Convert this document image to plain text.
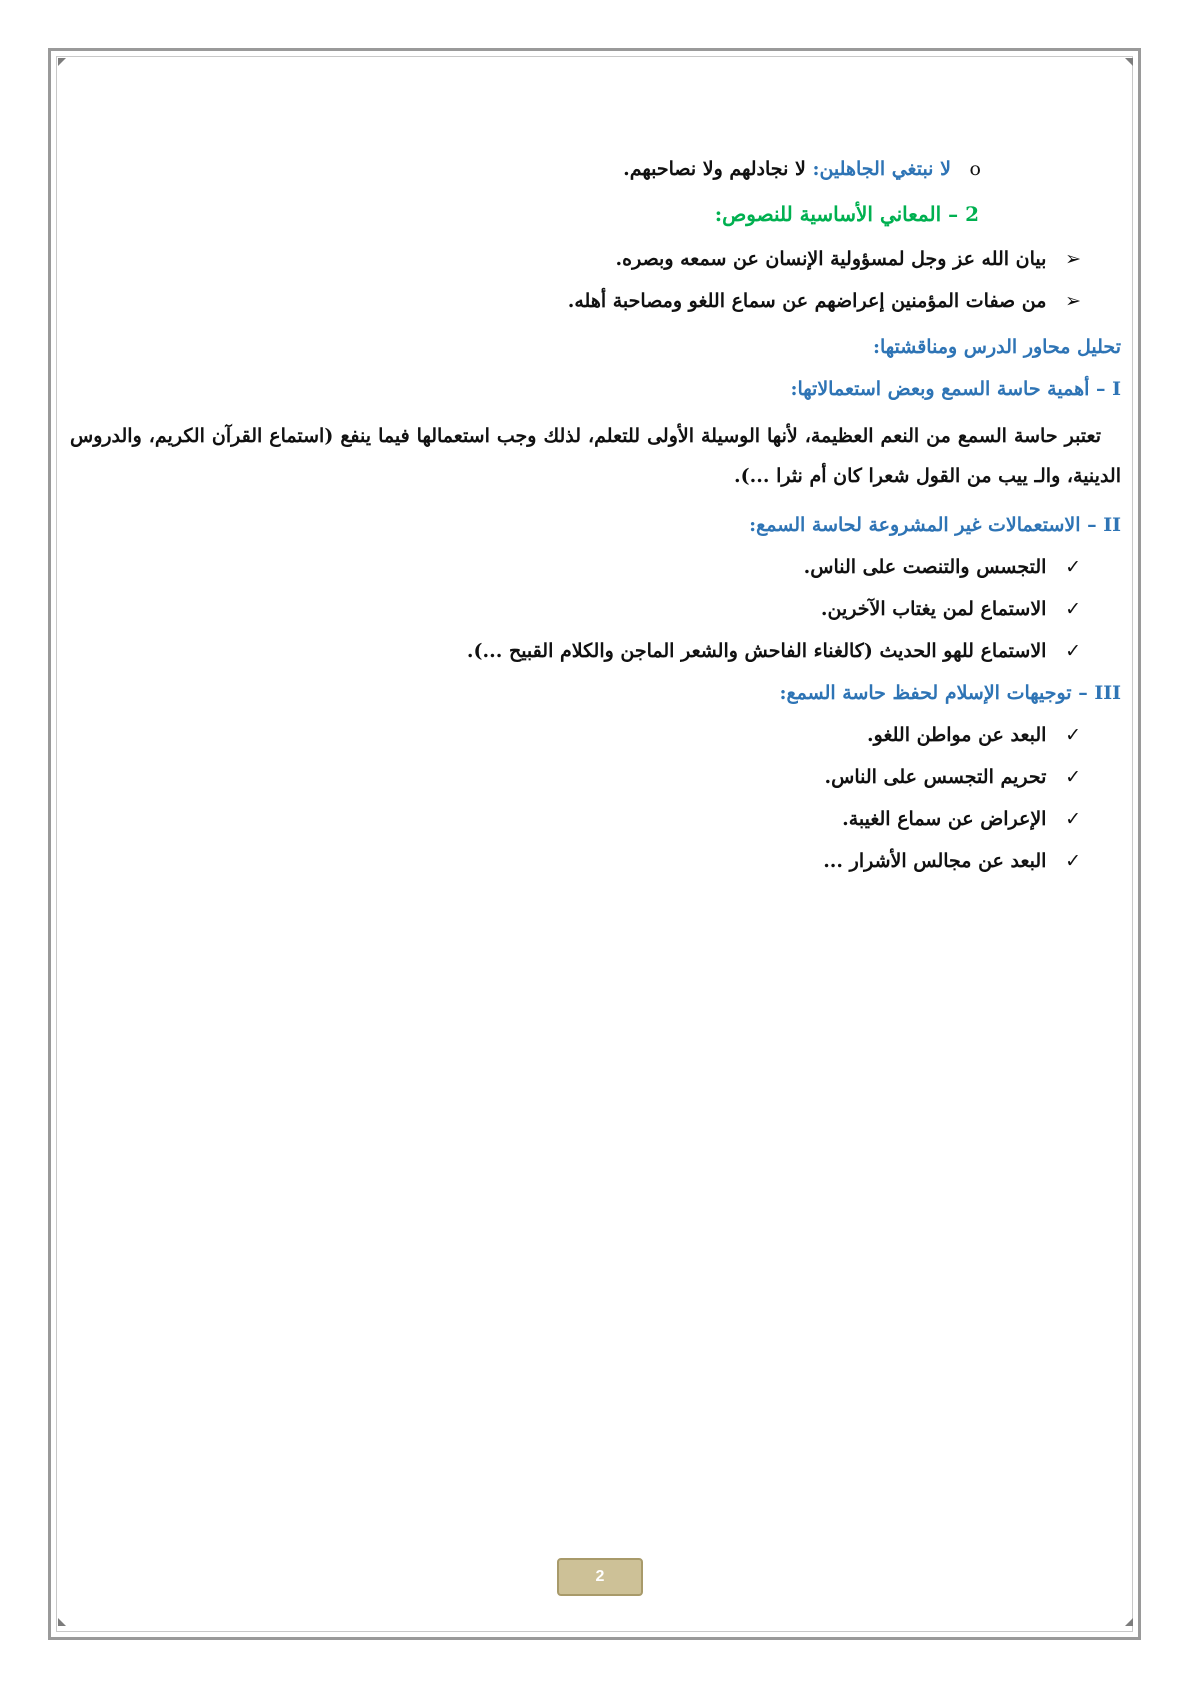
o لا نبتغي الجاهلين: لا نجادلهم ولا نصاحبهم.
2 – المعاني الأساسية للنصوص:
➢ بيان الله عز وجل لمسؤولية الإنسان عن سمعه وبصره.
➢ من صفات المؤمنين إعراضهم عن سماع اللغو ومصاحبة أهله.
تحليل محاور الدرس ومناقشتها:
I – أهمية حاسة السمع وبعض استعمالاتها:
تعتبر حاسة السمع من النعم العظيمة، لأنها الوسيلة الأولى للتعلم، لذلك وجب استعمالها فيما ينفع (استماع القرآن الكريم، والدروس الدينية، والـ ييب من القول شعرا كان أم نثرا ...).
II – الاستعمالات غير المشروعة لحاسة السمع:
✓ التجسس والتنصت على الناس.
✓ الاستماع لمن يغتاب الآخرين.
✓ الاستماع للهو الحديث (كالغناء الفاحش والشعر الماجن والكلام القبيح ...).
III – توجيهات الإسلام لحفظ حاسة السمع:
✓ البعد عن مواطن اللغو.
✓ تحريم التجسس على الناس.
✓ الإعراض عن سماع الغيبة.
✓ البعد عن مجالس الأشرار ...
2
